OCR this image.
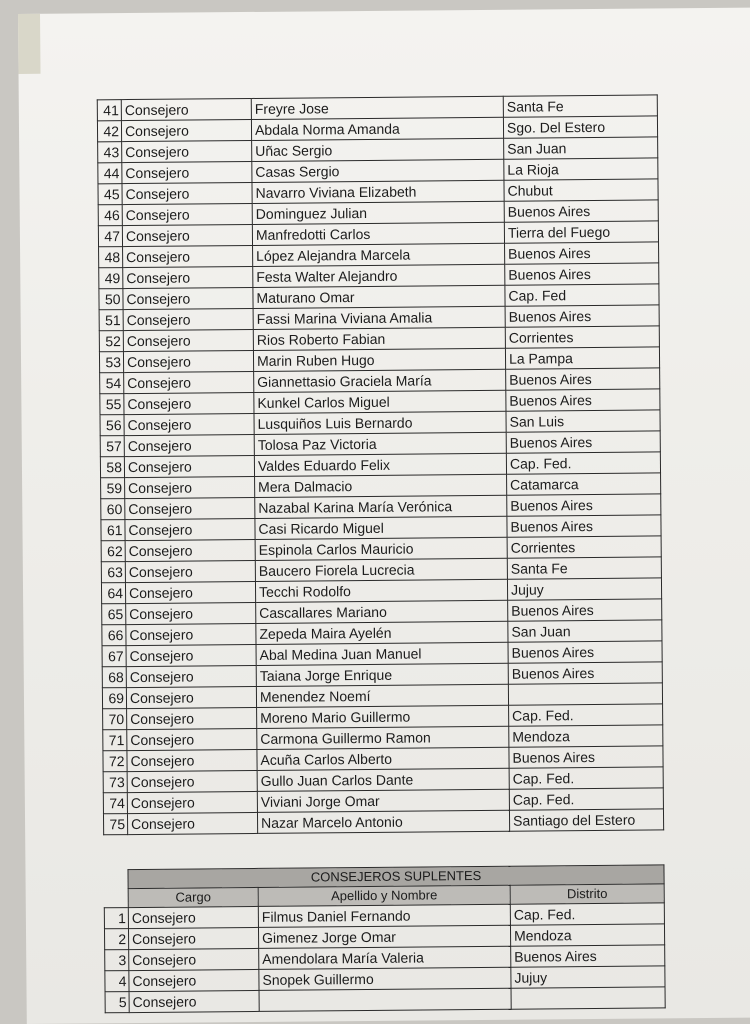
41	Consejero	Freyre Jose	Santa Fe
42	Consejero	Abdala Norma Amanda	Sgo. Del Estero
43	Consejero	Uñac Sergio	San Juan
44	Consejero	Casas Sergio	La Rioja
45	Consejero	Navarro Viviana Elizabeth	Chubut
46	Consejero	Dominguez Julian	Buenos Aires
47	Consejero	Manfredotti Carlos	Tierra del Fuego
48	Consejero	López Alejandra Marcela	Buenos Aires
49	Consejero	Festa Walter Alejandro	Buenos Aires
50	Consejero	Maturano Omar	Cap. Fed
51	Consejero	Fassi Marina Viviana Amalia	Buenos Aires
52	Consejero	Rios Roberto Fabian	Corrientes
53	Consejero	Marin Ruben Hugo	La Pampa
54	Consejero	Giannettasio Graciela María	Buenos Aires
55	Consejero	Kunkel Carlos Miguel	Buenos Aires
56	Consejero	Lusquiños Luis Bernardo	San Luis
57	Consejero	Tolosa Paz Victoria	Buenos Aires
58	Consejero	Valdes Eduardo Felix	Cap. Fed.
59	Consejero	Mera Dalmacio	Catamarca
60	Consejero	Nazabal Karina María Verónica	Buenos Aires
61	Consejero	Casi Ricardo Miguel	Buenos Aires
62	Consejero	Espinola Carlos Mauricio	Corrientes
63	Consejero	Baucero Fiorela Lucrecia	Santa Fe
64	Consejero	Tecchi Rodolfo	Jujuy
65	Consejero	Cascallares Mariano	Buenos Aires
66	Consejero	Zepeda Maira Ayelén	San Juan
67	Consejero	Abal Medina Juan Manuel	Buenos Aires
68	Consejero	Taiana Jorge Enrique	Buenos Aires
69	Consejero	Menendez Noemí	
70	Consejero	Moreno Mario Guillermo	Cap. Fed.
71	Consejero	Carmona Guillermo Ramon	Mendoza
72	Consejero	Acuña Carlos Alberto	Buenos Aires
73	Consejero	Gullo Juan Carlos Dante	Cap. Fed.
74	Consejero	Viviani Jorge Omar	Cap. Fed.
75	Consejero	Nazar Marcelo Antonio	Santiago del Estero
	CONSEJEROS SUPLENTES		
	Cargo	Apellido y Nombre	Distrito
1	Consejero	Filmus Daniel Fernando	Cap. Fed.
2	Consejero	Gimenez Jorge Omar	Mendoza
3	Consejero	Amendolara María Valeria	Buenos Aires
4	Consejero	Snopek Guillermo	Jujuy
5	Consejero		
